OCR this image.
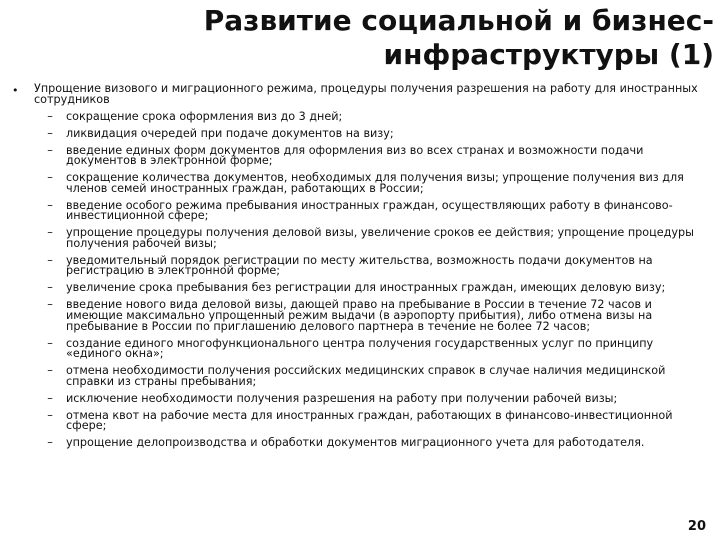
Развитие социальной и бизнес-
инфраструктуры (1)
•	Упрощение визового и миграционного режима, процедуры получения разрешения на работу для иностранных сотрудников
–	сокращение срока оформления виз до 3 дней;
–	ликвидация очередей при подаче документов на визу;
–	введение единых форм документов для оформления виз во всех странах и возможности подачи документов в электронной форме;
–	сокращение количества документов, необходимых для получения визы; упрощение получения виз для членов семей иностранных граждан, работающих в России;
–	введение особого режима пребывания иностранных граждан, осуществляющих работу в финансово-инвестиционной сфере;
–	упрощение процедуры получения деловой визы, увеличение сроков ее действия; упрощение процедуры получения рабочей визы;
–	уведомительный порядок регистрации по месту жительства, возможность подачи документов на регистрацию в электронной форме;
–	увеличение срока пребывания без регистрации для иностранных граждан, имеющих деловую визу;
–	введение нового вида деловой визы, дающей право на пребывание в России в течение 72 часов и имеющие максимально упрощенный режим выдачи (в аэропорту прибытия), либо отмена визы на пребывание в России по приглашению делового партнера в течение не более 72 часов;
–	создание единого многофункционального центра получения государственных услуг по принципу «единого окна»;
–	отмена необходимости получения российских медицинских справок в случае наличия медицинской справки из страны пребывания;
–	исключение необходимости получения разрешения на работу при получении рабочей визы;
–	отмена квот на рабочие места для иностранных граждан, работающих в финансово-инвестиционной сфере;
–	упрощение делопроизводства и обработки документов миграционного учета для работодателя.
20
